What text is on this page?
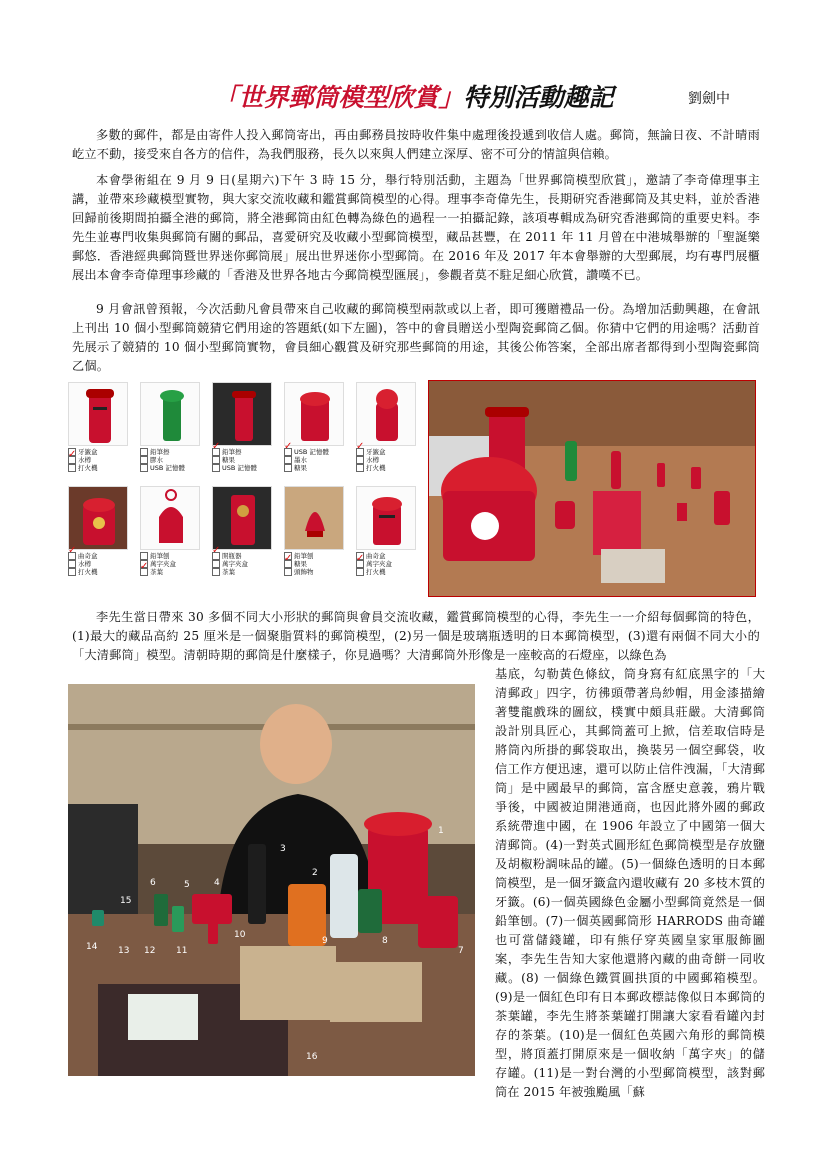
「世界郵筒模型欣賞」特別活動趣記	劉劍中
多數的郵件，都是由寄件人投入郵筒寄出，再由郵務員按時收件集中處理後投遞到收信人處。郵筒，無論日夜、不計晴雨屹立不動，接受來自各方的信件，為我們服務，長久以來與人們建立深厚、密不可分的情誼與信賴。
本會學術組在 9 月 9 日(星期六)下午 3 時 15 分，舉行特別活動，主題為「世界郵筒模型欣賞」，邀請了李奇偉理事主講，並帶來珍藏模型實物，與大家交流收藏和鑑賞郵筒模型的心得。理事李奇偉先生，長期研究香港郵筒及其史料，並於香港回歸前後期間拍攝全港的郵筒，將全港郵筒由紅色轉為綠色的過程一一拍攝記錄，該項專輯成為研究香港郵筒的重要史料。李先生並專門收集與郵筒有關的郵品，喜愛研究及收藏小型郵筒模型，藏品甚豐，在 2011 年 11 月曾在中港城舉辦的「聖誕樂郵悠．香港經典郵筒暨世界迷你郵筒展」展出世界迷你小型郵筒。在 2016 年及 2017 年本會舉辦的大型郵展，均有專門展櫃展出本會李奇偉理事珍藏的「香港及世界各地古今郵筒模型匯展」，參觀者莫不駐足細心欣賞，讚嘆不已。
9 月會訊曾預報，今次活動凡會員帶來自己收藏的郵筒模型兩款或以上者，即可獲贈禮品一份。為增加活動興趣，在會訊上刊出 10 個小型郵筒競猜它們用途的答題紙(如下左圖)，答中的會員贈送小型陶瓷郵筒乙個。你猜中它們的用途嗎？活動首先展示了競猜的 10 個小型郵筒實物，會員細心觀賞及研究那些郵筒的用途，其後公佈答案，全部出席者都得到小型陶瓷郵筒乙個。
牙籤盒
✓水樽
打火機
鉛筆擦
膠水
USB 記憶體
✓鉛筆擦
糖果
USB 記憶體
✓USB 記憶體
墨水
糖果
✓牙籤盒
水樽
打火機
✓曲奇盒
水樽
打火機
鉛筆刨
萬字夾盒
✓茶葉
✓開瓶器
萬字夾盒
茶葉
鉛筆刨
✓糖果
頭飾物
曲奇盒
✓萬字夾盒
打火機
李先生當日帶來 30 多個不同大小形狀的郵筒與會員交流收藏，鑑賞郵筒模型的心得，李先生一一介紹每個郵筒的特色，(1)最大的藏品高約 25 厘米是一個聚脂質料的郵筒模型，(2)另一個是玻璃瓶透明的日本郵筒模型，(3)還有兩個不同大小的「大清郵筒」模型。清朝時期的郵筒是什麼樣子，你見過嗎？大清郵筒外形像是一座較高的石燈座，以綠色為
1
2
3
4
5
6
7
8
9
10
11
12
13
14
15
16
基底，勾勒黃色條紋，筒身寫有紅底黑字的「大清郵政」四字，彷彿頭帶著烏紗帽，用金漆描繪著雙龍戲珠的圖紋，樸實中頗具莊嚴。大清郵筒設計別具匠心，其郵筒蓋可上掀，信差取信時是將筒內所掛的郵袋取出，換裝另一個空郵袋，收信工作方便迅速，還可以防止信件洩漏，「大清郵筒」是中國最早的郵筒，富含歷史意義，鴉片戰爭後，中國被迫開港通商，也因此將外國的郵政系統帶進中國，在 1906 年設立了中國第一個大清郵筒。(4)一對英式圓形紅色郵筒模型是存放鹽及胡椒粉調味品的罐。(5)一個綠色透明的日本郵筒模型，是一個牙籤盒內還收藏有 20 多枝木質的牙籤。(6)一個英國綠色金屬小型郵筒竟然是一個鉛筆刨。(7)一個英國郵筒形 HARRODS 曲奇罐也可當儲錢罐，印有熊仔穿英國皇家軍服飾圖案，李先生告知大家他還將內藏的曲奇餅一同收藏。(8) 一個綠色鐵質圓拱頂的中國郵箱模型。(9)是一個紅色印有日本郵政標誌像似日本郵筒的茶葉罐，李先生將茶葉罐打開讓大家看看罐內封存的茶葉。(10)是一個紅色英國六角形的郵筒模型，將頂蓋打開原來是一個收納「萬字夾」的儲存罐。(11)是一對台灣的小型郵筒模型，該對郵筒在 2015 年被強颱風「蘇
